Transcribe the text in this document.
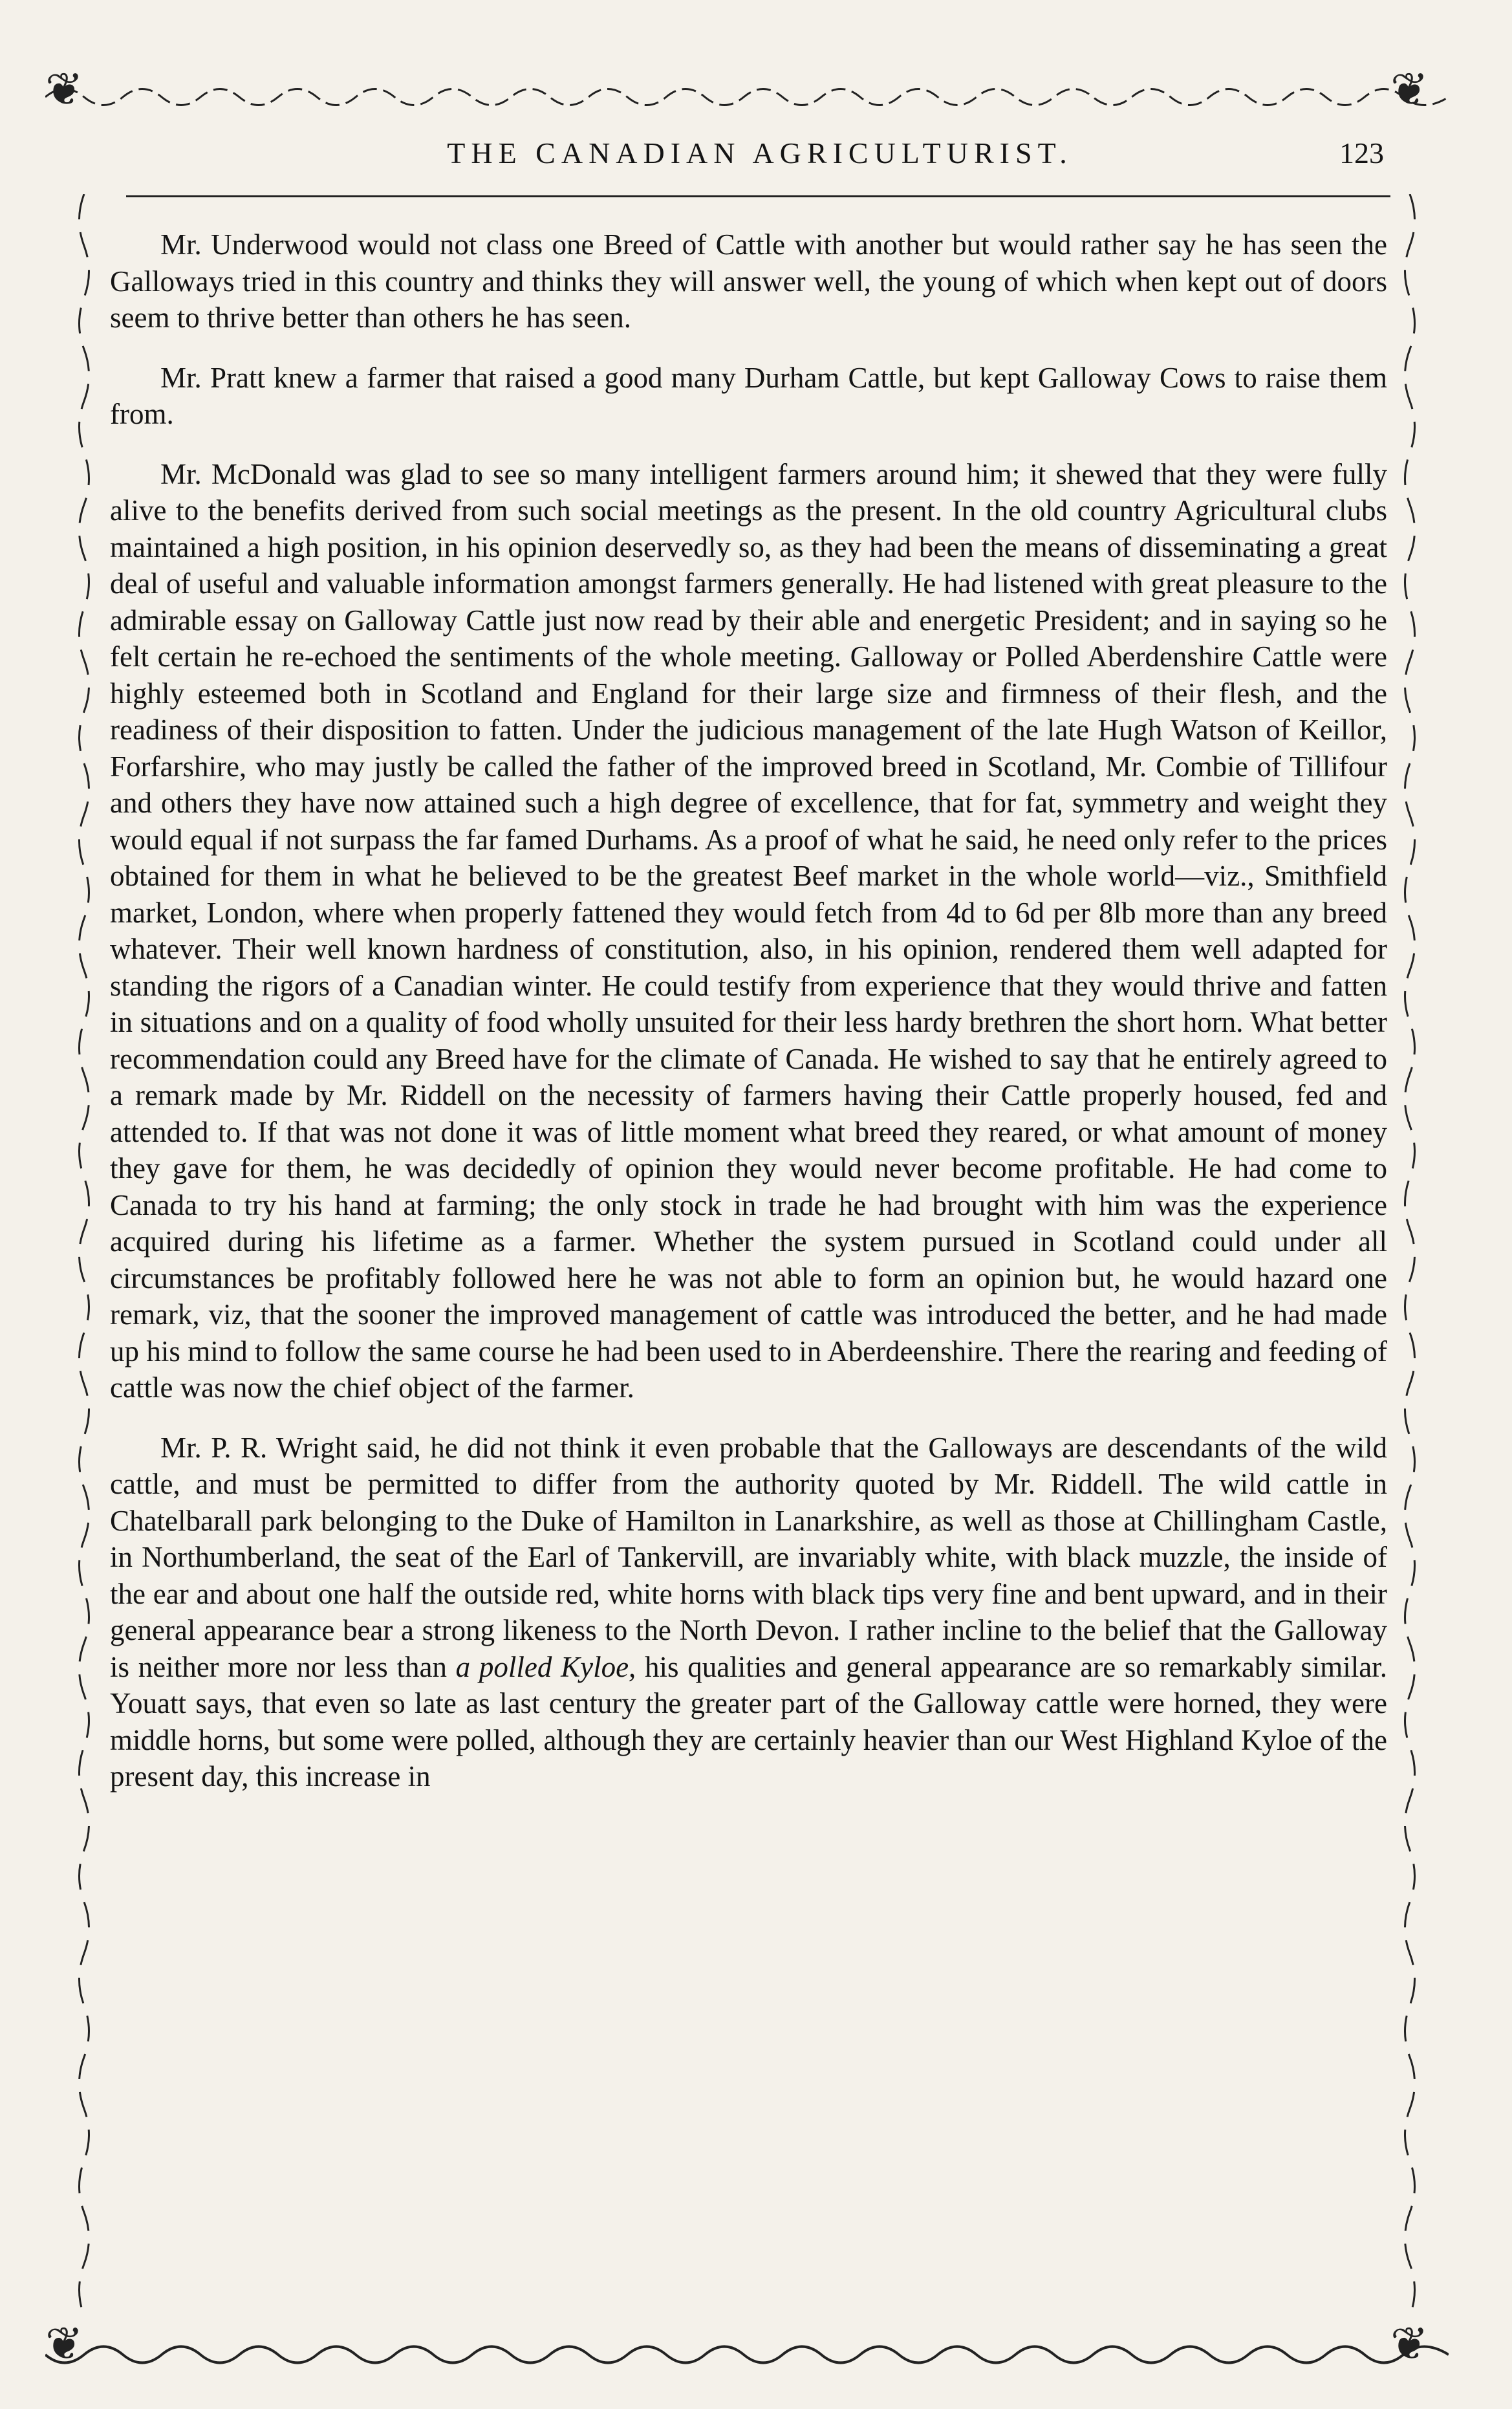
❦	❦
❦	❦
THE CANADIAN AGRICULTURIST.	123

Mr. Underwood would not class one Breed of Cattle with another but would rather say he has seen the Galloways tried in this country and thinks they will answer well, the young of which when kept out of doors seem to thrive better than others he has seen.

Mr. Pratt knew a farmer that raised a good many Durham Cattle, but kept Galloway Cows to raise them from.

Mr. McDonald was glad to see so many intelligent farmers around him; it shewed that they were fully alive to the benefits derived from such social meetings as the present. In the old country Agricultural clubs maintained a high position, in his opinion deservedly so, as they had been the means of disseminating a great deal of useful and valuable information amongst farmers generally. He had listened with great pleasure to the admirable essay on Galloway Cattle just now read by their able and energetic President; and in saying so he felt certain he re-echoed the sentiments of the whole meeting. Galloway or Polled Aberdenshire Cattle were highly esteemed both in Scotland and England for their large size and firmness of their flesh, and the readiness of their disposition to fatten. Under the judicious management of the late Hugh Watson of Keillor, Forfarshire, who may justly be called the father of the improved breed in Scotland, Mr. Combie of Tillifour and others they have now attained such a high degree of excellence, that for fat, symmetry and weight they would equal if not surpass the far famed Durhams. As a proof of what he said, he need only refer to the prices obtained for them in what he believed to be the greatest Beef market in the whole world—viz., Smithfield market, London, where when properly fattened they would fetch from 4d to 6d per 8lb more than any breed whatever. Their well known hardness of constitution, also, in his opinion, rendered them well adapted for standing the rigors of a Canadian winter. He could testify from experience that they would thrive and fatten in situations and on a quality of food wholly unsuited for their less hardy brethren the short horn. What better recommendation could any Breed have for the climate of Canada. He wished to say that he entirely agreed to a remark made by Mr. Riddell on the necessity of farmers having their Cattle properly housed, fed and attended to. If that was not done it was of little moment what breed they reared, or what amount of money they gave for them, he was decidedly of opinion they would never become profitable. He had come to Canada to try his hand at farming; the only stock in trade he had brought with him was the experience acquired during his lifetime as a farmer. Whether the system pursued in Scotland could under all circumstances be profitably followed here he was not able to form an opinion but, he would hazard one remark, viz, that the sooner the improved management of cattle was introduced the better, and he had made up his mind to follow the same course he had been used to in Aberdeenshire. There the rearing and feeding of cattle was now the chief object of the farmer.

Mr. P. R. Wright said, he did not think it even probable that the Galloways are descendants of the wild cattle, and must be permitted to differ from the authority quoted by Mr. Riddell. The wild cattle in Chatelbarall park belonging to the Duke of Hamilton in Lanarkshire, as well as those at Chillingham Castle, in Northumberland, the seat of the Earl of Tankervill, are invariably white, with black muzzle, the inside of the ear and about one half the outside red, white horns with black tips very fine and bent upward, and in their general appearance bear a strong likeness to the North Devon. I rather incline to the belief that the Galloway is neither more nor less than a polled Kyloe, his qualities and general appearance are so remarkably similar. Youatt says, that even so late as last century the greater part of the Galloway cattle were horned, they were middle horns, but some were polled, although they are certainly heavier than our West Highland Kyloe of the present day, this increase in
